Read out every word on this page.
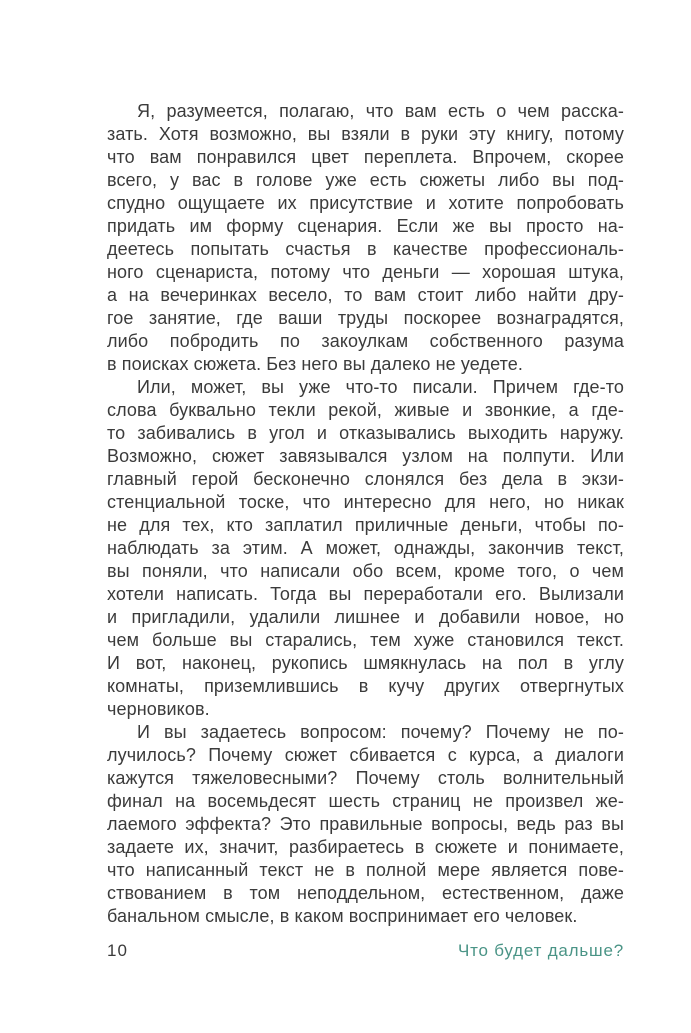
Я, разумеется, полагаю, что вам есть о чем расска-
зать. Хотя возможно, вы взяли в руки эту книгу, потому
что вам понравился цвет переплета. Впрочем, скорее
всего, у вас в голове уже есть сюжеты либо вы под-
спудно ощущаете их присутствие и хотите попробовать
придать им форму сценария. Если же вы просто на-
деетесь попытать счастья в качестве профессиональ-
ного сценариста, потому что деньги — хорошая штука,
а на вечеринках весело, то вам стоит либо найти дру-
гое занятие, где ваши труды поскорее вознаградятся,
либо побродить по закоулкам собственного разума
в поисках сюжета. Без него вы далеко не уедете.

Или, может, вы уже что-то писали. Причем где-то
слова буквально текли рекой, живые и звонкие, а где-
то забивались в угол и отказывались выходить наружу.
Возможно, сюжет завязывался узлом на полпути. Или
главный герой бесконечно слонялся без дела в экзи-
стенциальной тоске, что интересно для него, но никак
не для тех, кто заплатил приличные деньги, чтобы по-
наблюдать за этим. А может, однажды, закончив текст,
вы поняли, что написали обо всем, кроме того, о чем
хотели написать. Тогда вы переработали его. Вылизали
и пригладили, удалили лишнее и добавили новое, но
чем больше вы старались, тем хуже становился текст.
И вот, наконец, рукопись шмякнулась на пол в углу
комнаты, приземлившись в кучу других отвергнутых
черновиков.

И вы задаетесь вопросом: почему? Почему не по-
лучилось? Почему сюжет сбивается с курса, а диалоги
кажутся тяжеловесными? Почему столь волнительный
финал на восемьдесят шесть страниц не произвел же-
лаемого эффекта? Это правильные вопросы, ведь раз вы
задаете их, значит, разбираетесь в сюжете и понимаете,
что написанный текст не в полной мере является пове-
ствованием в том неподдельном, естественном, даже
банальном смысле, в каком воспринимает его человек.

10	Что будет дальше?
